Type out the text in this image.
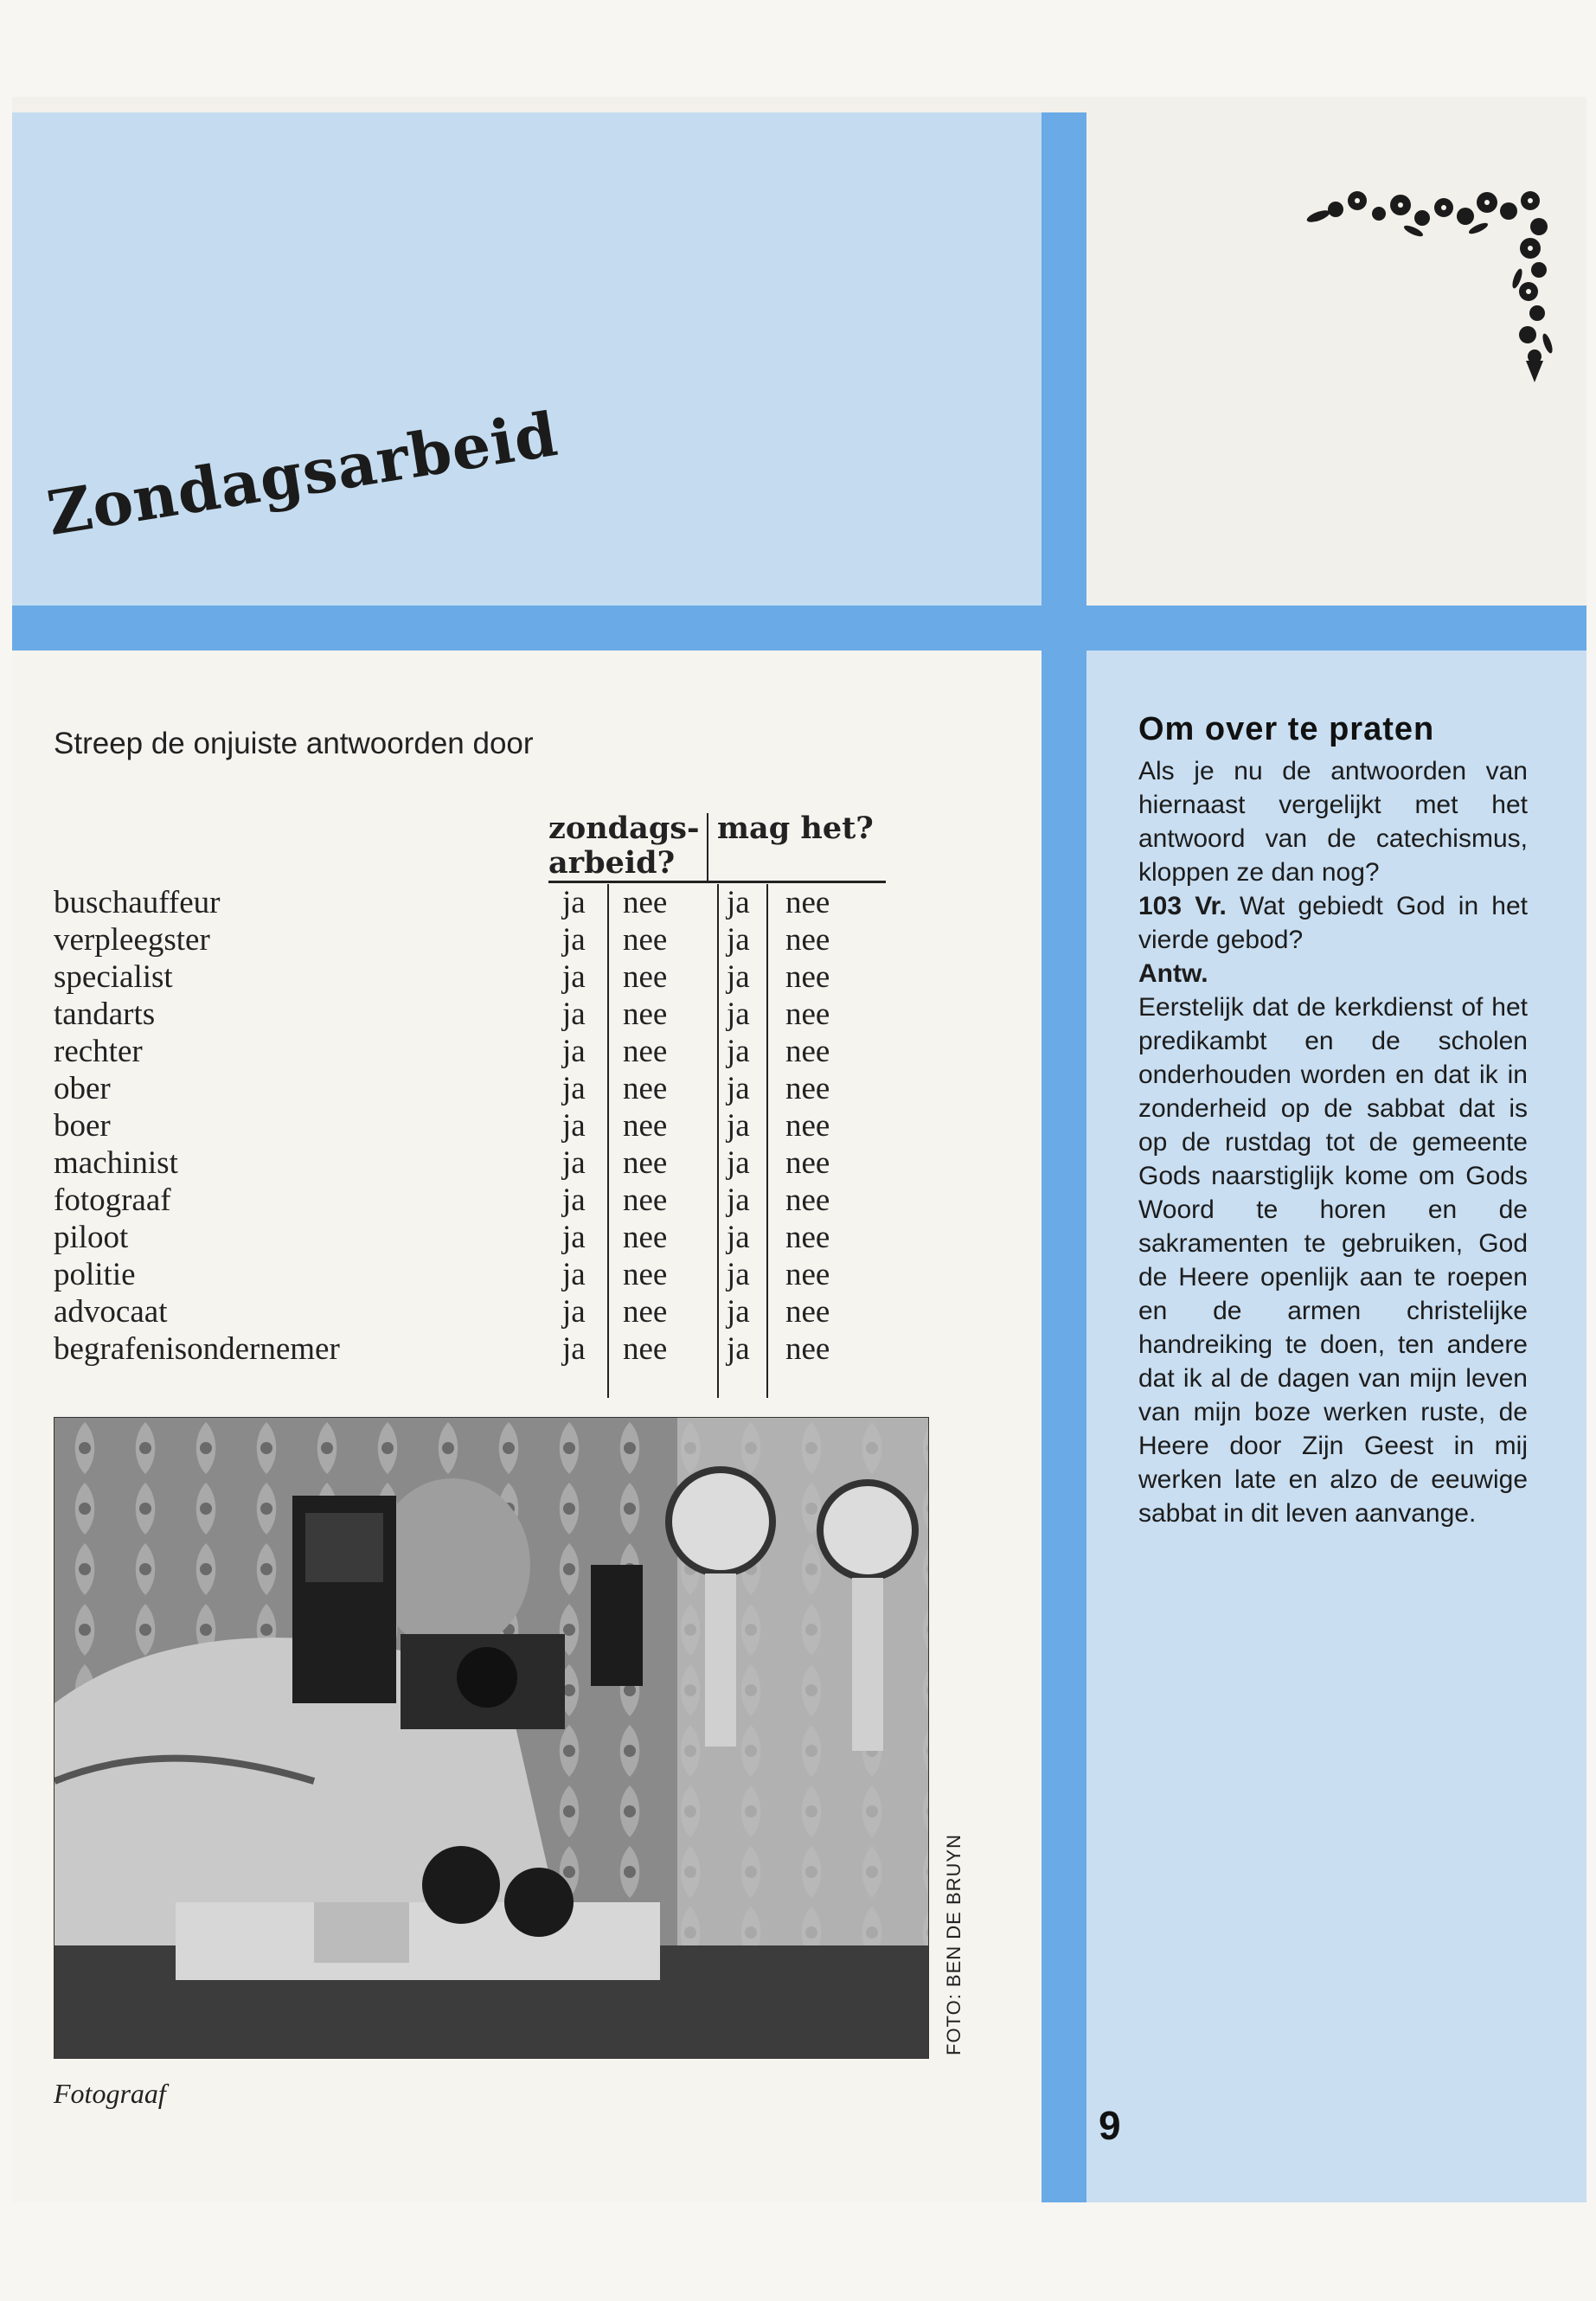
Zondagsarbeid
Streep de onjuiste antwoorden door
zondags-
arbeid?
mag het?
buschauffeur	ja nee ja nee
verpleegster	ja nee ja nee
specialist	ja nee ja nee
tandarts	ja nee ja nee
rechter	ja nee ja nee
ober	ja nee ja nee
boer	ja nee ja nee
machinist	ja nee ja nee
fotograaf	ja nee ja nee
piloot	ja nee ja nee
politie	ja nee ja nee
advocaat	ja nee ja nee
begrafenisondernemer	ja nee ja nee
FOTO: BEN DE BRUYN
Fotograaf
Om over te praten

Als je nu de antwoorden van hiernaast vergelijkt met het antwoord van de catechismus, kloppen ze dan nog?

103 Vr. Wat gebiedt God in het vierde gebod?

Antw.

Eerstelijk dat de kerkdienst of het predikambt en de scholen onderhouden worden en dat ik in zonderheid op de sabbat dat is op de rustdag tot de gemeente Gods naarstiglijk kome om Gods Woord te horen en de sakramenten te gebruiken, God de Heere openlijk aan te roepen en de armen christelijke handreiking te doen, ten andere dat ik al de dagen van mijn leven van mijn boze werken ruste, de Heere door Zijn Geest in mij werken late en alzo de eeuwige sabbat in dit leven aanvange.

9
